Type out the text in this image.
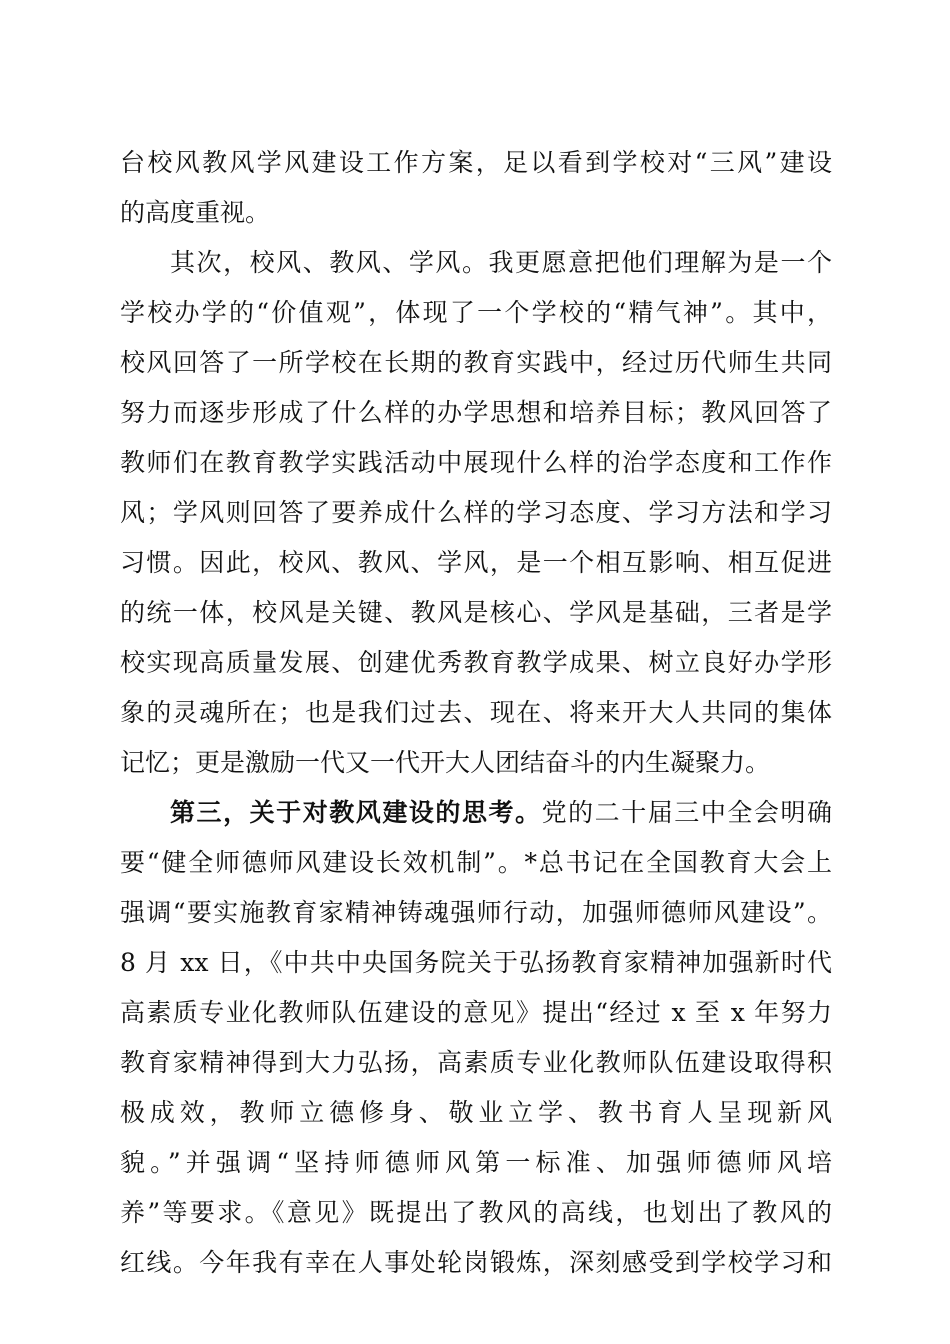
台校风教风学风建设工作方案，足以看到学校对“三风”建设
的高度重视。
其次，校风、教风、学风。我更愿意把他们理解为是一个
学校办学的“价值观”，体现了一个学校的“精气神”。其中，
校风回答了一所学校在长期的教育实践中，经过历代师生共同
努力而逐步形成了什么样的办学思想和培养目标；教风回答了
教师们在教育教学实践活动中展现什么样的治学态度和工作作
风；学风则回答了要养成什么样的学习态度、学习方法和学习
习惯。因此，校风、教风、学风，是一个相互影响、相互促进
的统一体，校风是关键、教风是核心、学风是基础，三者是学
校实现高质量发展、创建优秀教育教学成果、树立良好办学形
象的灵魂所在；也是我们过去、现在、将来开大人共同的集体
记忆；更是激励一代又一代开大人团结奋斗的内生凝聚力。
第三，关于对教风建设的思考。党的二十届三中全会明确
要“健全师德师风建设长效机制”。*总书记在全国教育大会上
强调“要实施教育家精神铸魂强师行动，加强师德师风建设”。
8 月 xx 日，《中共中央国务院关于弘扬教育家精神加强新时代
高素质专业化教师队伍建设的意见》提出“经过 x 至 x 年努力
教育家精神得到大力弘扬，高素质专业化教师队伍建设取得积
极成效，教师立德修身、敬业立学、教书育人呈现新风
貌。”并强调“坚持师德师风第一标准、加强师德师风培
养”等要求。《意见》既提出了教风的高线，也划出了教风的
红线。今年我有幸在人事处轮岗锻炼，深刻感受到学校学习和
